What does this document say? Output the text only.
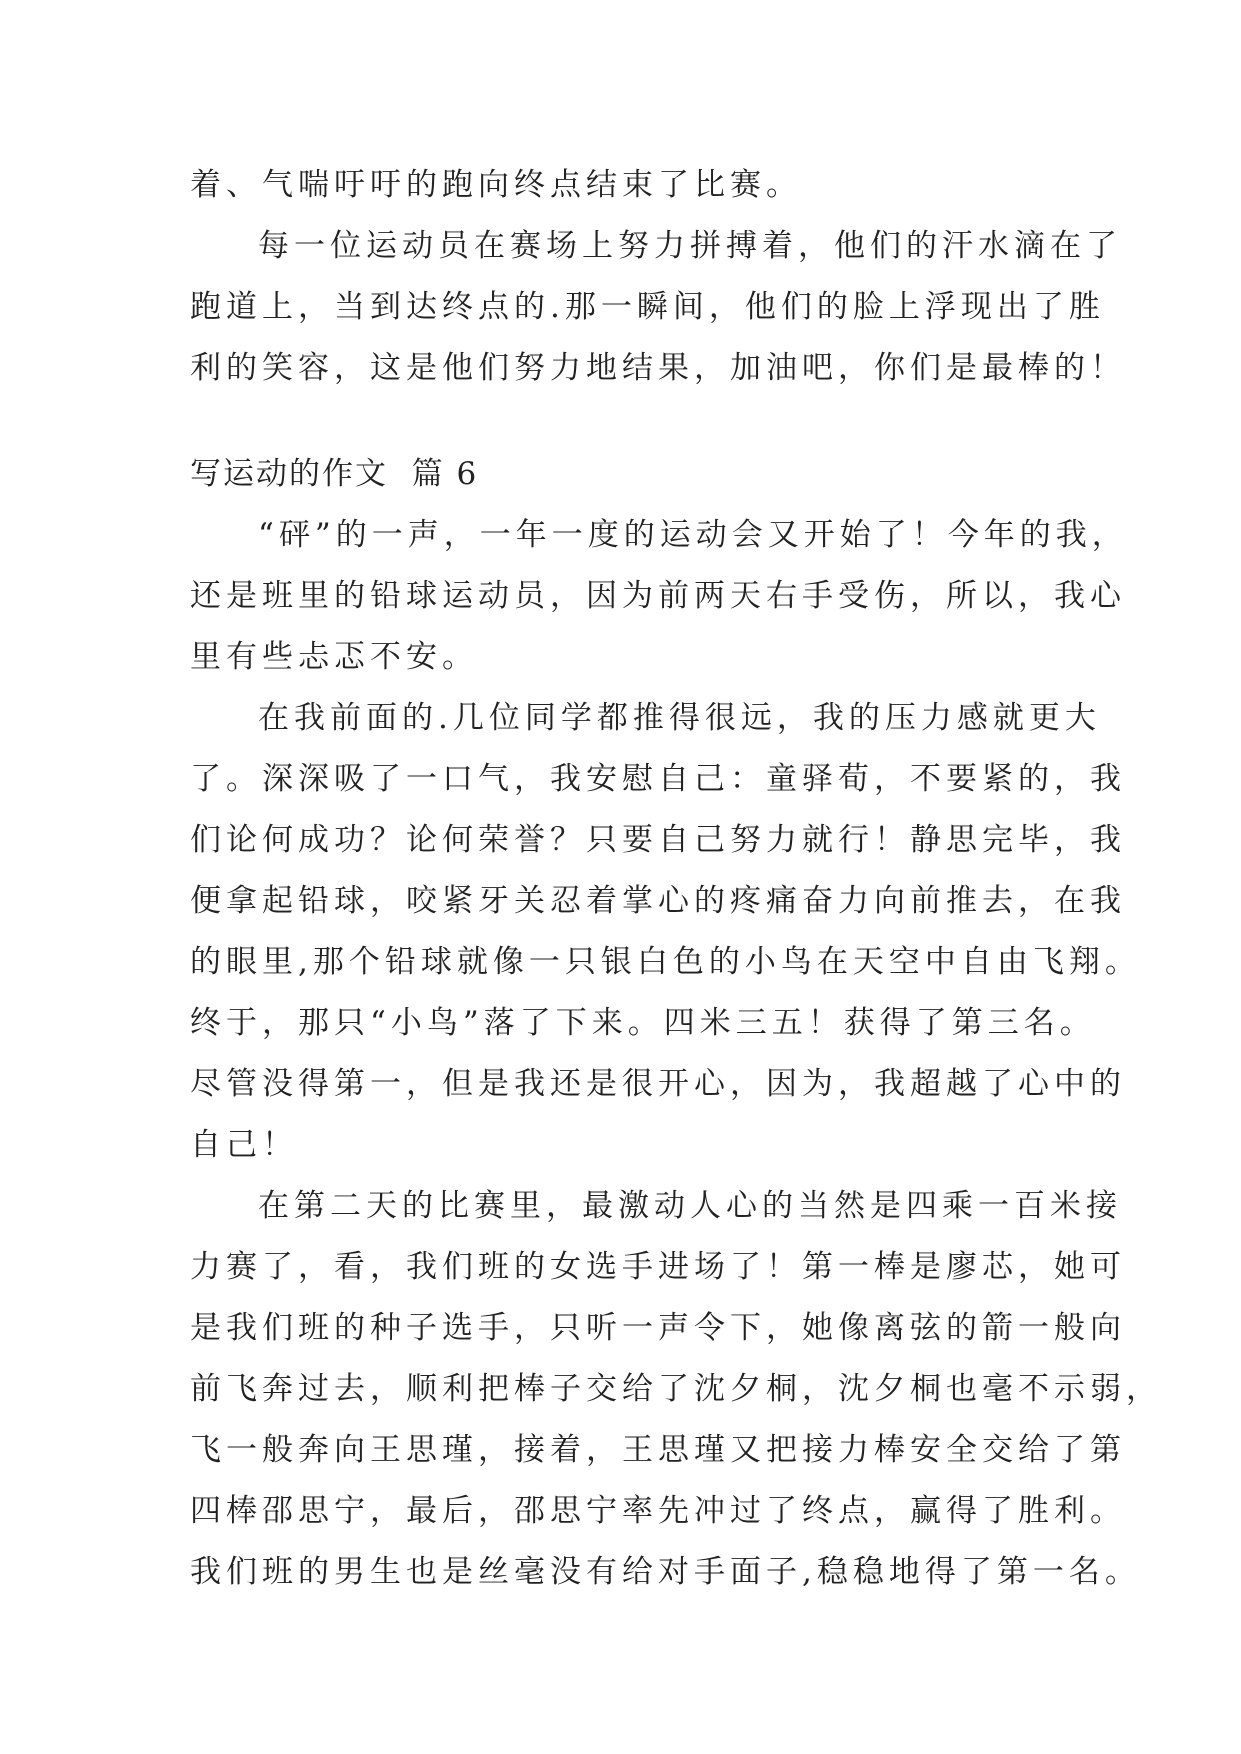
着、气喘吁吁的跑向终点结束了比赛。
每一位运动员在赛场上努力拼搏着，他们的汗水滴在了
跑道上，当到达终点的.那一瞬间，他们的脸上浮现出了胜
利的笑容，这是他们努力地结果，加油吧，你们是最棒的！
写运动的作文  篇 6
“砰”的一声，一年一度的运动会又开始了！今年的我，
还是班里的铅球运动员，因为前两天右手受伤，所以，我心
里有些忐忑不安。
在我前面的.几位同学都推得很远，我的压力感就更大
了。深深吸了一口气，我安慰自己：童驿荀，不要紧的，我
们论何成功？论何荣誉？只要自己努力就行！静思完毕，我
便拿起铅球，咬紧牙关忍着掌心的疼痛奋力向前推去，在我
的眼里,那个铅球就像一只银白色的小鸟在天空中自由飞翔。
终于，那只“小鸟”落了下来。四米三五！获得了第三名。
尽管没得第一，但是我还是很开心，因为，我超越了心中的
自己！
在第二天的比赛里，最激动人心的当然是四乘一百米接
力赛了，看，我们班的女选手进场了！第一棒是廖芯，她可
是我们班的种子选手，只听一声令下，她像离弦的箭一般向
前飞奔过去，顺利把棒子交给了沈夕桐，沈夕桐也毫不示弱，
飞一般奔向王思瑾，接着，王思瑾又把接力棒安全交给了第
四棒邵思宁，最后，邵思宁率先冲过了终点，赢得了胜利。
我们班的男生也是丝毫没有给对手面子,稳稳地得了第一名。
